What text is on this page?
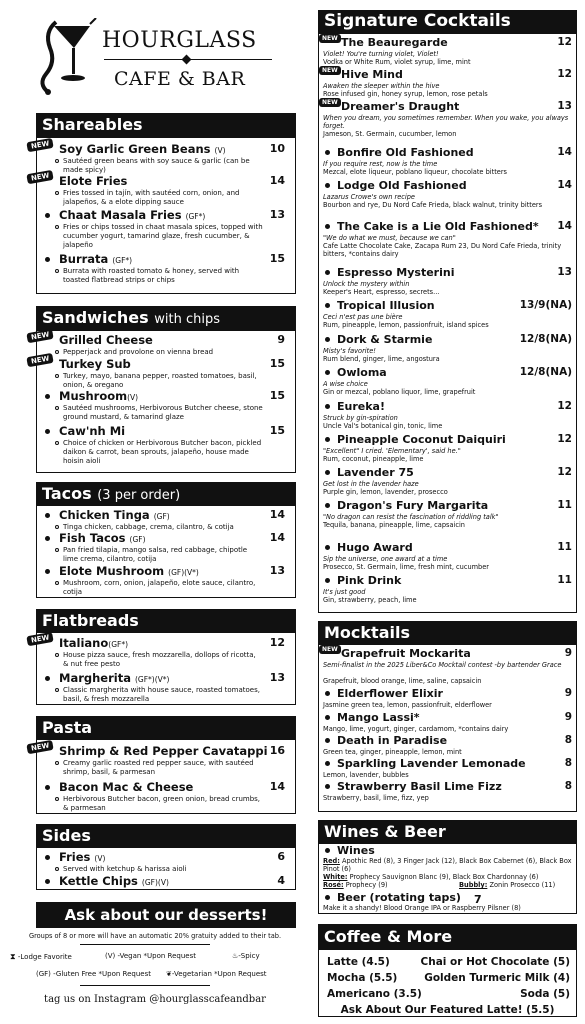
HOURGLASS
CAFE & BAR
Shareables
NEW Soy Garlic Green Beans (V)	10
Sautéed green beans with soy sauce & garlic (can be made spicy)
NEW Elote Fries	14
Fries tossed in tajín, with sautéed corn, onion, and jalapeños, & a elote dipping sauce
Chaat Masala Fries (GF*)	13
Fries or chips tossed in chaat masala spices, topped with cucumber yogurt, tamarind glaze, fresh cucumber, & jalapeño
Burrata (GF*)	15
Burrata with roasted tomato & honey, served with toasted flatbread strips or chips
Sandwiches with chips
NEW Grilled Cheese	9
Pepperjack and provolone on vienna bread
NEW Turkey Sub	15
Turkey, mayo, banana pepper, roasted tomatoes, basil, onion, & oregano
Mushroom(V)	15
Sautéed mushrooms, Herbivorous Butcher cheese, stone ground mustard, & tamarind glaze
Caw'nh Mi	15
Choice of chicken or Herbivorous Butcher bacon, pickled daikon & carrot, bean sprouts, jalapeño, house made hoisin aioli
Tacos (3 per order)
Chicken Tinga (GF)	14
Tinga chicken, cabbage, crema, cilantro, & cotija
Fish Tacos (GF)	14
Pan fried tilapia, mango salsa, red cabbage, chipotle lime crema, cilantro, cotija
Elote Mushroom (GF)(V*)	13
Mushroom, corn, onion, jalapeño, elote sauce, cilantro, cotija
Flatbreads
NEW Italiano(GF*)	12
House pizza sauce, fresh mozzarella, dollops of ricotta, & nut free pesto
Margherita (GF*)(V*)	13
Classic margherita with house sauce, roasted tomatoes, basil, & fresh mozzarella
Pasta
NEW Shrimp & Red Pepper Cavatappi 16
Creamy garlic roasted red pepper sauce, with sautéed shrimp, basil, & parmesan
Bacon Mac & Cheese	14
Herbivorous Butcher bacon, green onion, bread crumbs, & parmesan
Sides
Fries (V)	6
Served with ketchup & harissa aioli
Kettle Chips (GF)(V)	4
Ask about our desserts!
Groups of 8 or more will have an automatic 20% gratuity added to their tab.
⧗ -Lodge Favorite	(V) -Vegan *Upon Request	♨-Spicy
(GF) -Gluten Free *Upon Request	❦-Vegetarian *Upon Request
tag us on Instagram @hourglasscafeandbar
Signature Cocktails
NEW The Beauregarde	12
Violet! You're turning violet, Violet!
Vodka or White Rum, violet syrup, lime, mint
NEW Hive Mind	12
Awaken the sleeper within the hive
Rose infused gin, honey syrup, lemon, rose petals
NEW Dreamer's Draught	13
When you dream, you sometimes remember. When you wake, you always forget.
Jameson, St. Germain, cucumber, lemon
Bonfire Old Fashioned	14
If you require rest, now is the time
Mezcal, elote liqueur, poblano liqueur, chocolate bitters
Lodge Old Fashioned	14
Lazarus Crowe's own recipe
Bourbon and rye, Du Nord Cafe Frieda, black walnut, trinity bitters
The Cake is a Lie Old Fashioned* 14
"We do what we must, because we can"
Cafe Latte Chocolate Cake, Zacapa Rum 23, Du Nord Cafe Frieda, trinity bitters, *contains dairy
Espresso Mysterini	13
Unlock the mystery within
Keeper's Heart, espresso, secrets...
Tropical Illusion	13/9(NA)
Ceci n'est pas une bière
Rum, pineapple, lemon, passionfruit, island spices
Dork & Starmie	12/8(NA)
Misty's favorite!
Rum blend, ginger, lime, angostura
Owloma	12/8(NA)
A wise choice
Gin or mezcal, poblano liquor, lime, grapefruit
Eureka!	12
Struck by gin-spiration
Uncle Val's botanical gin, tonic, lime
Pineapple Coconut Daiquiri	12
"Excellent" I cried. 'Elementary', said he."
Rum, coconut, pineapple, lime
Lavender 75	12
Get lost in the lavender haze
Purple gin, lemon, lavender, prosecco
Dragon's Fury Margarita	11
"No dragon can resist the fascination of riddling talk"
Tequila, banana, pineapple, lime, capsaicin
Hugo Award	11
Sip the universe, one award at a time
Prosecco, St. Germain, lime, fresh mint, cucumber
Pink Drink	11
It's just good
Gin, strawberry, peach, lime
Mocktails
NEW Grapefruit Mockarita	9
Semi-finalist in the 2025 Liber&Co Mocktail contest -by bartender Grace
Grapefruit, blood orange, lime, saline, capsaicin
Elderflower Elixir	9
Jasmine green tea, lemon, passionfruit, elderflower
Mango Lassi*	9
Mango, lime, yogurt, ginger, cardamom, *contains dairy
Death in Paradise	8
Green tea, ginger, pineapple, lemon, mint
Sparkling Lavender Lemonade	8
Lemon, lavender, bubbles
Strawberry Basil Lime Fizz	8
Strawberry, basil, lime, fizz, yep
Wines & Beer
Wines
Red: Apothic Red (8), 3 Finger Jack (12), Black Box Cabernet (6), Black Box Pinot (6)
White: Prophecy Sauvignon Blanc (9), Black Box Chardonnay (6)
Rosé: Prophecy (9)	Bubbly: Zonin Prosecco (11)
Beer (rotating taps) 7
Make it a shandy! Blood Orange IPA or Raspberry Pilsner (8)
Coffee & More
Latte (4.5)	Chai or Hot Chocolate (5)
Mocha (5.5)	Golden Turmeric Milk (4)
Americano (3.5)	Soda (5)
Ask About Our Featured Latte! (5.5)
